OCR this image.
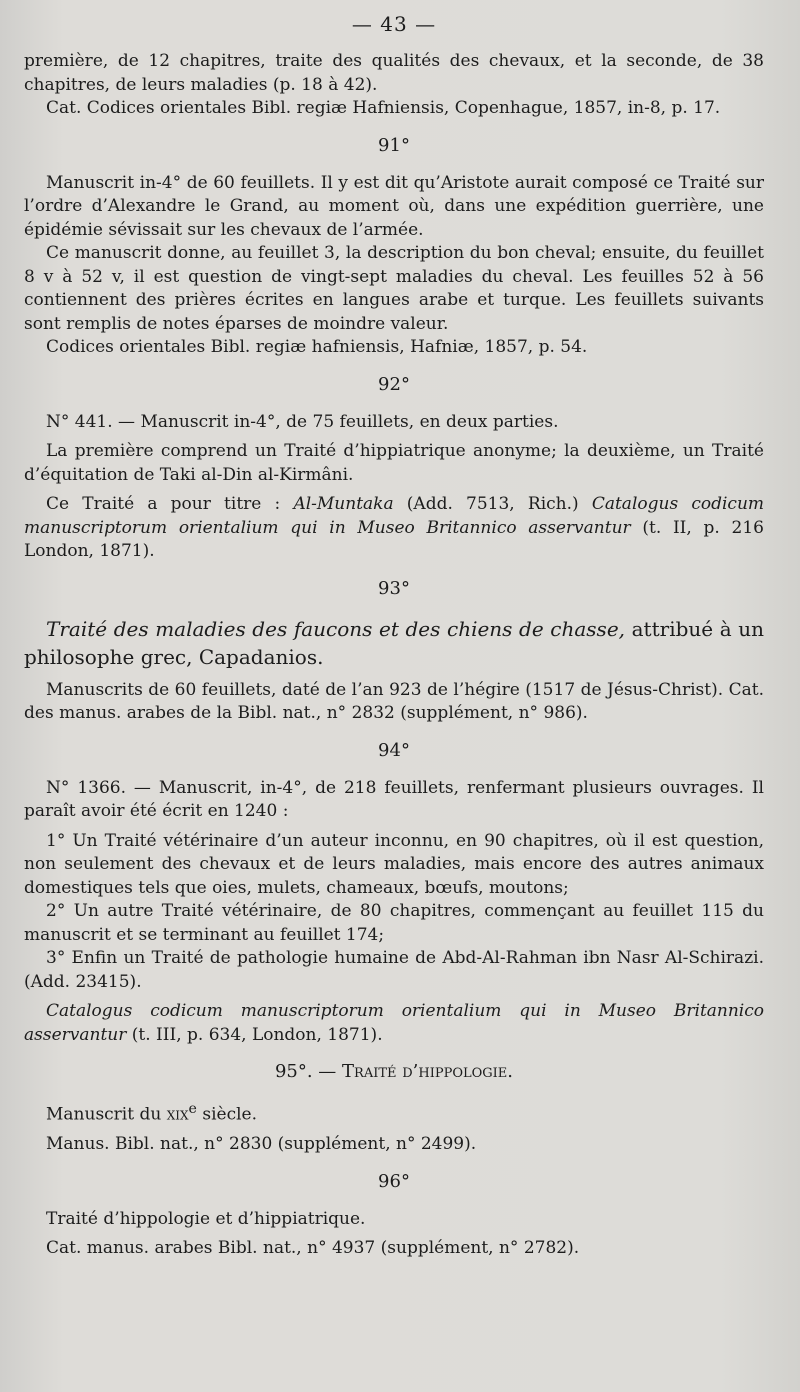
— 43 —

première, de 12 chapitres, traite des qualités des chevaux, et la seconde, de 38 chapitres, de leurs maladies (p. 18 à 42).

Cat. Codices orientales Bibl. regiæ Hafniensis, Copenhague, 1857, in-8, p. 17.

91°

Manuscrit in-4° de 60 feuillets. Il y est dit qu’Aristote aurait composé ce Traité sur l’ordre d’Alexandre le Grand, au moment où, dans une expédition guerrière, une épidémie sévissait sur les chevaux de l’armée.

Ce manuscrit donne, au feuillet 3, la description du bon cheval; ensuite, du feuillet 8 v à 52 v, il est question de vingt-sept maladies du cheval. Les feuilles 52 à 56 contiennent des prières écrites en langues arabe et turque. Les feuillets suivants sont remplis de notes éparses de moindre valeur.

Codices orientales Bibl. regiæ hafniensis, Hafniæ, 1857, p. 54.

92°

N° 441. — Manuscrit in-4°, de 75 feuillets, en deux parties.

La première comprend un Traité d’hippiatrique anonyme; la deuxième, un Traité d’équitation de Taki al-Din al-Kirmâni.

Ce Traité a pour titre : Al-Muntaka (Add. 7513, Rich.) Catalogus codicum manuscriptorum orientalium qui in Museo Britannico asservantur (t. II, p. 216 London, 1871).

93°

Traité des maladies des faucons et des chiens de chasse, attribué à un philosophe grec, Capadanios.

Manuscrits de 60 feuillets, daté de l’an 923 de l’hégire (1517 de Jésus-Christ). Cat. des manus. arabes de la Bibl. nat., n° 2832 (supplément, n° 986).

94°

N° 1366. — Manuscrit, in-4°, de 218 feuillets, renfermant plusieurs ouvrages. Il paraît avoir été écrit en 1240 :

1° Un Traité vétérinaire d’un auteur inconnu, en 90 chapitres, où il est question, non seulement des chevaux et de leurs maladies, mais encore des autres animaux domestiques tels que oies, mulets, chameaux, bœufs, moutons;

2° Un autre Traité vétérinaire, de 80 chapitres, commençant au feuillet 115 du manuscrit et se terminant au feuillet 174;

3° Enfin un Traité de pathologie humaine de Abd-Al-Rahman ibn Nasr Al-Schirazi. (Add. 23415).

Catalogus codicum manuscriptorum orientalium qui in Museo Britannico asservantur (t. III, p. 634, London, 1871).

95°. — Traité d’hippologie.

Manuscrit du xix$^e$ siècle.

Manus. Bibl. nat., n° 2830 (supplément, n° 2499).

96°

Traité d’hippologie et d’hippiatrique.

Cat. manus. arabes Bibl. nat., n° 4937 (supplément, n° 2782).
